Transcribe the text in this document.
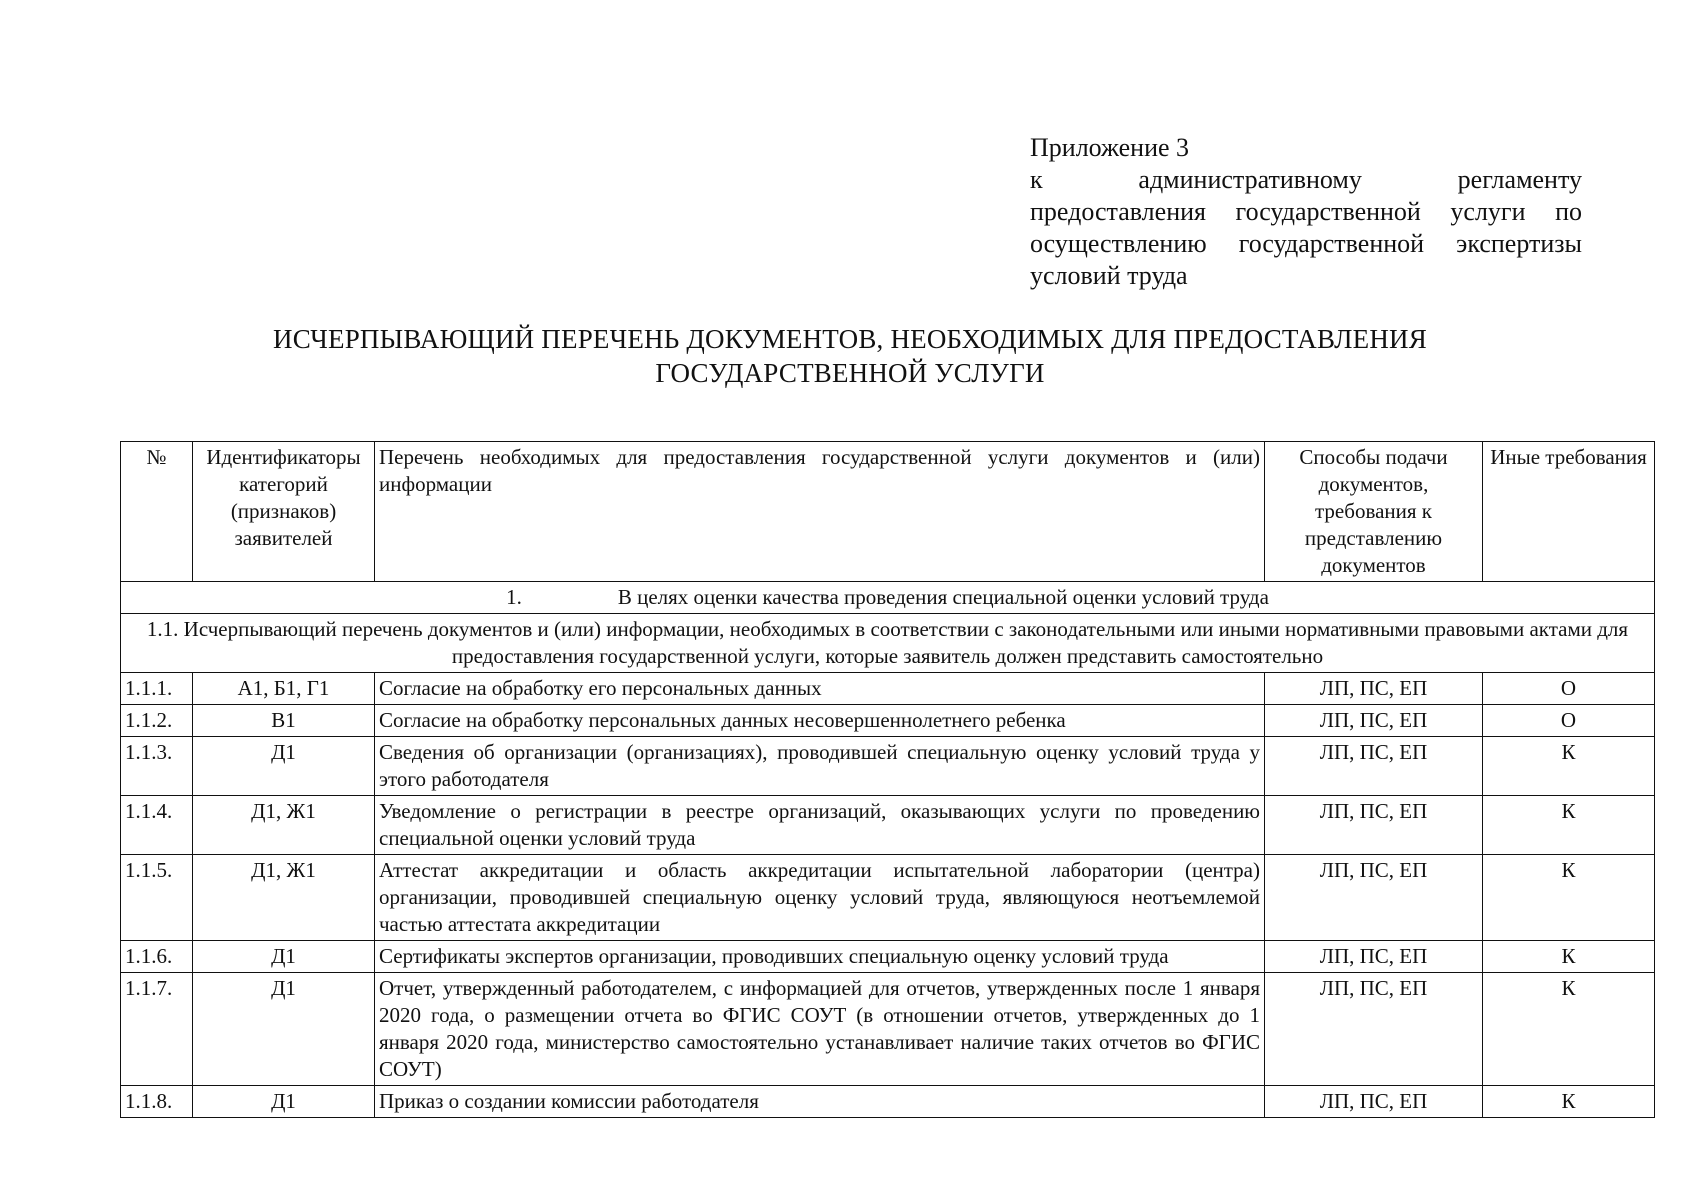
Приложение 3
к административному регламенту
предоставления государственной услуги по
осуществлению государственной экспертизы
условий труда
ИСЧЕРПЫВАЮЩИЙ ПЕРЕЧЕНЬ ДОКУМЕНТОВ, НЕОБХОДИМЫХ ДЛЯ ПРЕДОСТАВЛЕНИЯ
ГОСУДАРСТВЕННОЙ УСЛУГИ
№	Идентификаторы категорий (признаков) заявителей	Перечень необходимых для предоставления государственной услуги документов и (или) информации	Способы подачи документов, требования к представлению документов	Иные требования
1. В целях оценки качества проведения специальной оценки условий труда				
1.1. Исчерпывающий перечень документов и (или) информации, необходимых в соответствии с законодательными или иными нормативными правовыми актами для предоставления государственной услуги, которые заявитель должен представить самостоятельно				
1.1.1.	А1, Б1, Г1	Согласие на обработку его персональных данных	ЛП, ПС, ЕП	О
1.1.2.	В1	Согласие на обработку персональных данных несовершеннолетнего ребенка	ЛП, ПС, ЕП	О
1.1.3.	Д1	Сведения об организации (организациях), проводившей специальную оценку условий труда у этого работодателя	ЛП, ПС, ЕП	К
1.1.4.	Д1, Ж1	Уведомление о регистрации в реестре организаций, оказывающих услуги по проведению специальной оценки условий труда	ЛП, ПС, ЕП	К
1.1.5.	Д1, Ж1	Аттестат аккредитации и область аккредитации испытательной лаборатории (центра) организации, проводившей специальную оценку условий труда, являющуюся неотъемлемой частью аттестата аккредитации	ЛП, ПС, ЕП	К
1.1.6.	Д1	Сертификаты экспертов организации, проводивших специальную оценку условий труда	ЛП, ПС, ЕП	К
1.1.7.	Д1	Отчет, утвержденный работодателем, с информацией для отчетов, утвержденных после 1 января 2020 года, о размещении отчета во ФГИС СОУТ (в отношении отчетов, утвержденных до 1 января 2020 года, министерство самостоятельно устанавливает наличие таких отчетов во ФГИС СОУТ)	ЛП, ПС, ЕП	К
1.1.8.	Д1	Приказ о создании комиссии работодателя	ЛП, ПС, ЕП	К
